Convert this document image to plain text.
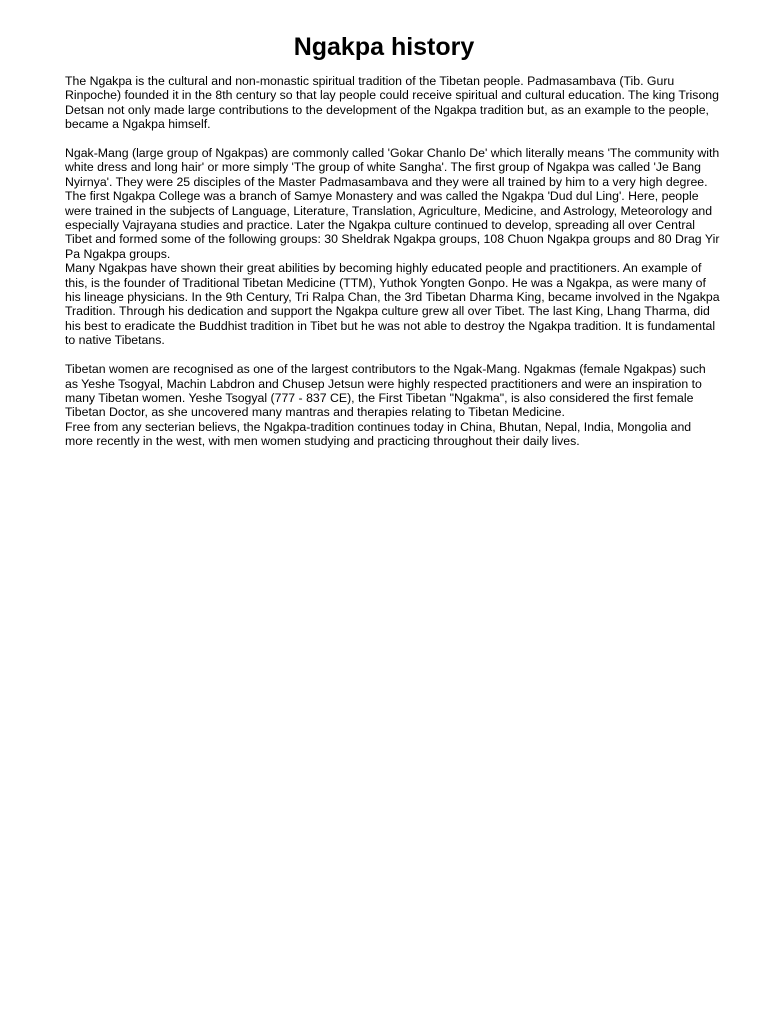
Ngakpa history

The Ngakpa is the cultural and non-monastic spiritual tradition of the Tibetan people. Padmasambava (Tib. Guru Rinpoche) founded it in the 8th century so that lay people could receive spiritual and cultural education. The king Trisong Detsan not only made large contributions to the development of the Ngakpa tradition but, as an example to the people, became a Ngakpa himself.

Ngak-Mang (large group of Ngakpas) are commonly called 'Gokar Chanlo De' which literally means 'The community with white dress and long hair' or more simply 'The group of white Sangha'. The first group of Ngakpa was called 'Je Bang Nyirnya'. They were 25 disciples of the Master Padmasambava and they were all trained by him to a very high degree.

The first Ngakpa College was a branch of Samye Monastery and was called the Ngakpa 'Dud dul Ling'. Here, people were trained in the subjects of Language, Literature, Translation, Agriculture, Medicine, and Astrology, Meteorology and especially Vajrayana studies and practice. Later the Ngakpa culture continued to develop, spreading all over Central Tibet and formed some of the following groups: 30 Sheldrak Ngakpa groups, 108 Chuon Ngakpa groups and 80 Drag Yir Pa Ngakpa groups.

Many Ngakpas have shown their great abilities by becoming highly educated people and practitioners. An example of this, is the founder of Traditional Tibetan Medicine (TTM), Yuthok Yongten Gonpo. He was a Ngakpa, as were many of his lineage physicians. In the 9th Century, Tri Ralpa Chan, the 3rd Tibetan Dharma King, became involved in the Ngakpa Tradition. Through his dedication and support the Ngakpa culture grew all over Tibet. The last King, Lhang Tharma, did his best to eradicate the Buddhist tradition in Tibet but he was not able to destroy the Ngakpa tradition. It is fundamental to native Tibetans.

Tibetan women are recognised as one of the largest contributors to the Ngak-Mang. Ngakmas (female Ngakpas) such as Yeshe Tsogyal, Machin Labdron and Chusep Jetsun were highly respected practitioners and were an inspiration to many Tibetan women. Yeshe Tsogyal (777 - 837 CE), the First Tibetan "Ngakma", is also considered the first female Tibetan Doctor, as she uncovered many mantras and therapies relating to Tibetan Medicine.

Free from any secterian believs, the Ngakpa-tradition continues today in China, Bhutan, Nepal, India, Mongolia and more recently in the west, with men women studying and practicing throughout their daily lives.
